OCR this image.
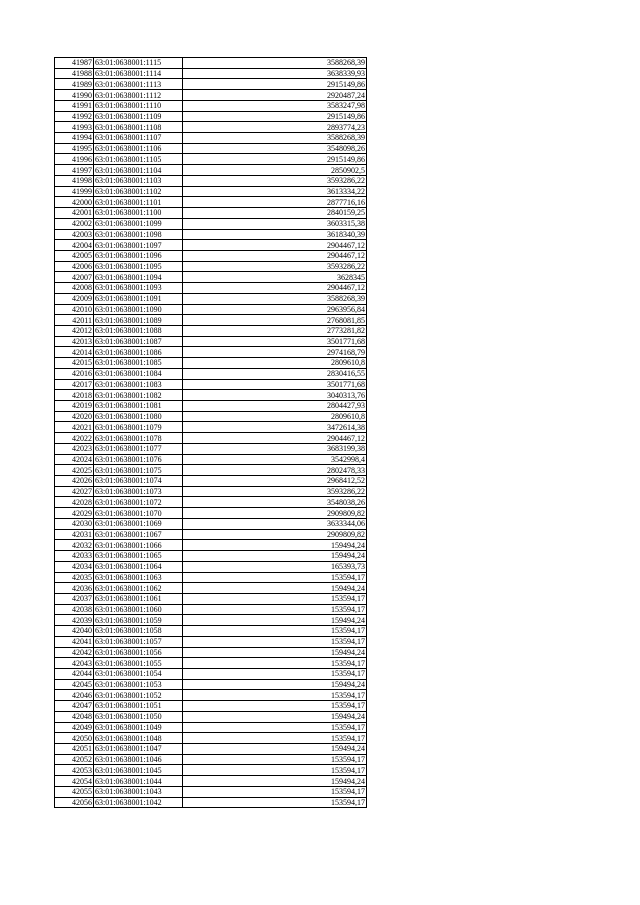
41987	63:01:0638001:1115	3588268,39
41988	63:01:0638001:1114	3638339,93
41989	63:01:0638001:1113	2915149,86
41990	63:01:0638001:1112	2920487,24
41991	63:01:0638001:1110	3583247,98
41992	63:01:0638001:1109	2915149,86
41993	63:01:0638001:1108	2893774,23
41994	63:01:0638001:1107	3588268,39
41995	63:01:0638001:1106	3548098,26
41996	63:01:0638001:1105	2915149,86
41997	63:01:0638001:1104	2850902,5
41998	63:01:0638001:1103	3593286,22
41999	63:01:0638001:1102	3613334,22
42000	63:01:0638001:1101	2877716,16
42001	63:01:0638001:1100	2840159,25
42002	63:01:0638001:1099	3603315,38
42003	63:01:0638001:1098	3618340,39
42004	63:01:0638001:1097	2904467,12
42005	63:01:0638001:1096	2904467,12
42006	63:01:0638001:1095	3593286,22
42007	63:01:0638001:1094	3628345
42008	63:01:0638001:1093	2904467,12
42009	63:01:0638001:1091	3588268,39
42010	63:01:0638001:1090	2963956,84
42011	63:01:0638001:1089	2768081,85
42012	63:01:0638001:1088	2773281,82
42013	63:01:0638001:1087	3501771,68
42014	63:01:0638001:1086	2974168,79
42015	63:01:0638001:1085	2809610,8
42016	63:01:0638001:1084	2830416,55
42017	63:01:0638001:1083	3501771,68
42018	63:01:0638001:1082	3040313,76
42019	63:01:0638001:1081	2804427,93
42020	63:01:0638001:1080	2809610,8
42021	63:01:0638001:1079	3472614,38
42022	63:01:0638001:1078	2904467,12
42023	63:01:0638001:1077	3683199,38
42024	63:01:0638001:1076	3542998,4
42025	63:01:0638001:1075	2802478,33
42026	63:01:0638001:1074	2968412,52
42027	63:01:0638001:1073	3593286,22
42028	63:01:0638001:1072	3548038,26
42029	63:01:0638001:1070	2909809,82
42030	63:01:0638001:1069	3633344,06
42031	63:01:0638001:1067	2909809,82
42032	63:01:0638001:1066	159494,24
42033	63:01:0638001:1065	159494,24
42034	63:01:0638001:1064	165393,73
42035	63:01:0638001:1063	153594,17
42036	63:01:0638001:1062	159494,24
42037	63:01:0638001:1061	153594,17
42038	63:01:0638001:1060	153594,17
42039	63:01:0638001:1059	159494,24
42040	63:01:0638001:1058	153594,17
42041	63:01:0638001:1057	153594,17
42042	63:01:0638001:1056	159494,24
42043	63:01:0638001:1055	153594,17
42044	63:01:0638001:1054	153594,17
42045	63:01:0638001:1053	159494,24
42046	63:01:0638001:1052	153594,17
42047	63:01:0638001:1051	153594,17
42048	63:01:0638001:1050	159494,24
42049	63:01:0638001:1049	153594,17
42050	63:01:0638001:1048	153594,17
42051	63:01:0638001:1047	159494,24
42052	63:01:0638001:1046	153594,17
42053	63:01:0638001:1045	153594,17
42054	63:01:0638001:1044	159494,24
42055	63:01:0638001:1043	153594,17
42056	63:01:0638001:1042	153594,17
